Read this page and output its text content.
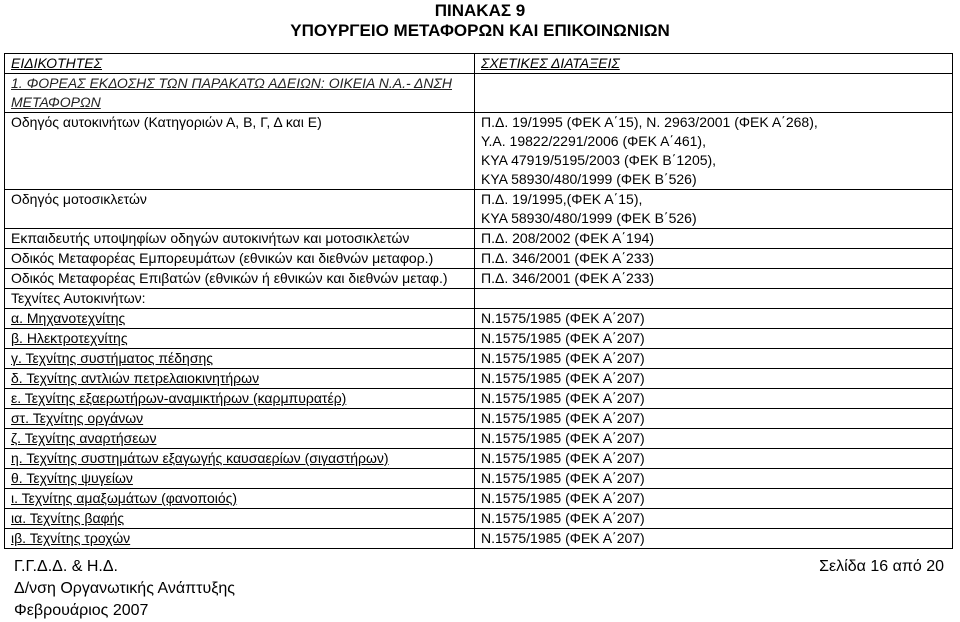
ΠΙΝΑΚΑΣ 9
ΥΠΟΥΡΓΕΙΟ ΜΕΤΑΦΟΡΩΝ ΚΑΙ ΕΠΙΚΟΙΝΩΝΙΩΝ
ΕΙΔΙΚΟΤΗΤΕΣ	ΣΧΕΤΙΚΕΣ ΔΙΑΤΑΞΕΙΣ
1. ΦΟΡΕΑΣ ΕΚΔΟΣΗΣ ΤΩΝ ΠΑΡΑΚΑΤΩ ΑΔΕΙΩΝ: ΟΙΚΕΙΑ Ν.Α.- ΔΝΣΗ ΜΕΤΑΦΟΡΩΝ	
Οδηγός αυτοκινήτων (Κατηγοριών Α, Β, Γ, Δ και Ε)	Π.Δ. 19/1995 (ΦΕΚ Α΄15), Ν. 2963/2001 (ΦΕΚ Α΄268),
Υ.Α. 19822/2291/2006 (ΦΕΚ Α΄461),
ΚΥΑ 47919/5195/2003 (ΦΕΚ Β΄1205),
ΚΥΑ 58930/480/1999 (ΦΕΚ Β΄526)

Οδηγός μοτοσικλετών	Π.Δ. 19/1995,(ΦΕΚ Α΄15),
ΚΥΑ 58930/480/1999 (ΦΕΚ Β΄526)

Εκπαιδευτής υποψηφίων οδηγών αυτοκινήτων και μοτοσικλετών	Π.Δ. 208/2002 (ΦΕΚ Α΄194)

Οδικός Μεταφορέας Εμπορευμάτων (εθνικών και διεθνών μεταφορ.)	Π.Δ. 346/2001 (ΦΕΚ Α΄233)

Οδικός Μεταφορέας Επιβατών (εθνικών ή εθνικών και διεθνών μεταφ.)	Π.Δ. 346/2001 (ΦΕΚ Α΄233)

Τεχνίτες Αυτοκινήτων:	
α. Μηχανοτεχνίτης	Ν.1575/1985 (ΦΕΚ Α΄207)
β. Ηλεκτροτεχνίτης	Ν.1575/1985 (ΦΕΚ Α΄207)
γ. Τεχνίτης συστήματος πέδησης	Ν.1575/1985 (ΦΕΚ Α΄207)
δ. Τεχνίτης αντλιών πετρελαιοκινητήρων	Ν.1575/1985 (ΦΕΚ Α΄207)
ε. Τεχνίτης εξαερωτήρων-αναμικτήρων (καρμπυρατέρ)	Ν.1575/1985 (ΦΕΚ Α΄207)
στ. Τεχνίτης οργάνων	Ν.1575/1985 (ΦΕΚ Α΄207)
ζ. Τεχνίτης αναρτήσεων	Ν.1575/1985 (ΦΕΚ Α΄207)
η. Τεχνίτης συστημάτων εξαγωγής καυσαερίων (σιγαστήρων)	Ν.1575/1985 (ΦΕΚ Α΄207)
θ. Τεχνίτης ψυγείων	Ν.1575/1985 (ΦΕΚ Α΄207)
ι. Τεχνίτης αμαξωμάτων (φανοποιός)	Ν.1575/1985 (ΦΕΚ Α΄207)
ια. Τεχνίτης βαφής	Ν.1575/1985 (ΦΕΚ Α΄207)
ιβ. Τεχνίτης τροχών	Ν.1575/1985 (ΦΕΚ Α΄207)
Γ.Γ.Δ.Δ. & Η.Δ.
Δ/νση Οργανωτικής Ανάπτυξης
Φεβρουάριος 2007
Σελίδα 16 από 20
